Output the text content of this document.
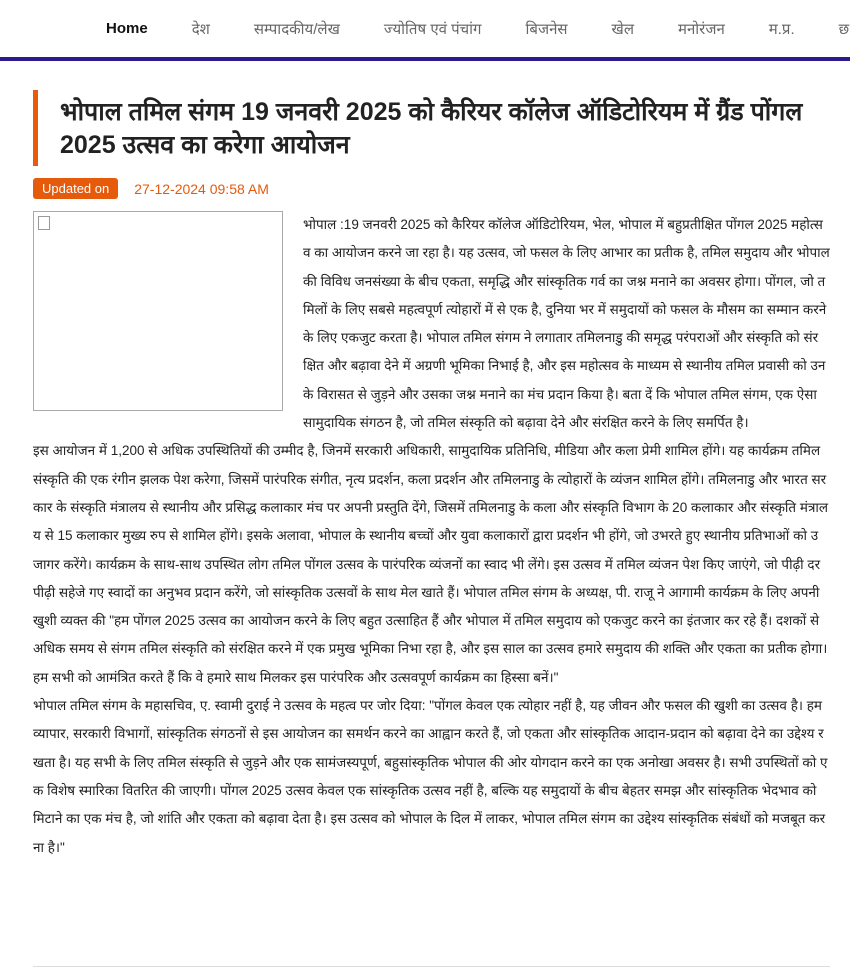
Home	देश	सम्पादकीय/लेख	ज्योतिष एवं पंचांग	बिजनेस	खेल	मनोरंजन	म.प्र.	छ
भोपाल तमिल संगम 19 जनवरी 2025 को कैरियर कॉलेज ऑडिटोरियम में ग्रैंड पोंगल 2025 उत्सव का करेगा आयोजन
Updated on	27-12-2024 09:58 AM

भोपाल :19 जनवरी 2025 को कैरियर कॉलेज ऑडिटोरियम, भेल, भोपाल में बहुप्रतीक्षित पोंगल 2025 महोत्सव का आयोजन करने जा रहा है। यह उत्सव, जो फसल के लिए आभार का प्रतीक है, तमिल समुदाय और भोपाल की विविध जनसंख्या के बीच एकता, समृद्धि और सांस्कृतिक गर्व का जश्न मनाने का अवसर होगा। पोंगल, जो तमिलों के लिए सबसे महत्वपूर्ण त्योहारों में से एक है, दुनिया भर में समुदायों को फसल के मौसम का सम्मान करने के लिए एकजुट करता है। भोपाल तमिल संगम ने लगातार तमिलनाडु की समृद्ध परंपराओं और संस्कृति को संरक्षित और बढ़ावा देने में अग्रणी भूमिका निभाई है, और इस महोत्सव के माध्यम से स्थानीय तमिल प्रवासी को उनके विरासत से जुड़ने और उसका जश्न मनाने का मंच प्रदान किया है। बता दें कि भोपाल तमिल संगम, एक ऐसा सामुदायिक संगठन है, जो तमिल संस्कृति को बढ़ावा देने और संरक्षित करने के लिए समर्पित है।

इस आयोजन में 1,200 से अधिक उपस्थितियों की उम्मीद है, जिनमें सरकारी अधिकारी, सामुदायिक प्रतिनिधि, मीडिया और कला प्रेमी शामिल होंगे। यह कार्यक्रम तमिल संस्कृति की एक रंगीन झलक पेश करेगा, जिसमें पारंपरिक संगीत, नृत्य प्रदर्शन, कला प्रदर्शन और तमिलनाडु के त्योहारों के व्यंजन शामिल होंगे। तमिलनाडु और भारत सरकार के संस्कृति मंत्रालय से स्थानीय और प्रसिद्ध कलाकार मंच पर अपनी प्रस्तुति देंगे, जिसमें तमिलनाडु के कला और संस्कृति विभाग के 20 कलाकार और संस्कृति मंत्रालय से 15 कलाकार मुख्य रुप से शामिल होंगे। इसके अलावा, भोपाल के स्थानीय बच्चों और युवा कलाकारों द्वारा प्रदर्शन भी होंगे, जो उभरते हुए स्थानीय प्रतिभाओं को उजागर करेंगे। कार्यक्रम के साथ-साथ उपस्थित लोग तमिल पोंगल उत्सव के पारंपरिक व्यंजनों का स्वाद भी लेंगे। इस उत्सव में तमिल व्यंजन पेश किए जाएंगे, जो पीढ़ी दर पीढ़ी सहेजे गए स्वादों का अनुभव प्रदान करेंगे, जो सांस्कृतिक उत्सवों के साथ मेल खाते हैं। भोपाल तमिल संगम के अध्यक्ष, पी. राजू ने आगामी कार्यक्रम के लिए अपनी खुशी व्यक्त की "हम पोंगल 2025 उत्सव का आयोजन करने के लिए बहुत उत्साहित हैं और भोपाल में तमिल समुदाय को एकजुट करने का इंतजार कर रहे हैं। दशकों से अधिक समय से संगम तमिल संस्कृति को संरक्षित करने में एक प्रमुख भूमिका निभा रहा है, और इस साल का उत्सव हमारे समुदाय की शक्ति और एकता का प्रतीक होगा। हम सभी को आमंत्रित करते हैं कि वे हमारे साथ मिलकर इस पारंपरिक और उत्सवपूर्ण कार्यक्रम का हिस्सा बनें।"

भोपाल तमिल संगम के महासचिव, ए. स्वामी दुराई ने उत्सव के महत्व पर जोर दिया: "पोंगल केवल एक त्योहार नहीं है, यह जीवन और फसल की खुशी का उत्सव है। हम व्यापार, सरकारी विभागों, सांस्कृतिक संगठनों से इस आयोजन का समर्थन करने का आह्वान करते हैं, जो एकता और सांस्कृतिक आदान-प्रदान को बढ़ावा देने का उद्देश्य रखता है। यह सभी के लिए तमिल संस्कृति से जुड़ने और एक सामंजस्यपूर्ण, बहुसांस्कृतिक भोपाल की ओर योगदान करने का एक अनोखा अवसर है। सभी उपस्थितों को एक विशेष स्मारिका वितरित की जाएगी। पोंगल 2025 उत्सव केवल एक सांस्कृतिक उत्सव नहीं है, बल्कि यह समुदायों के बीच बेहतर समझ और सांस्कृतिक भेदभाव को मिटाने का एक मंच है, जो शांति और एकता को बढ़ावा देता है। इस उत्सव को भोपाल के दिल में लाकर, भोपाल तमिल संगम का उद्देश्य सांस्कृतिक संबंधों को मजबूत करना है।"
